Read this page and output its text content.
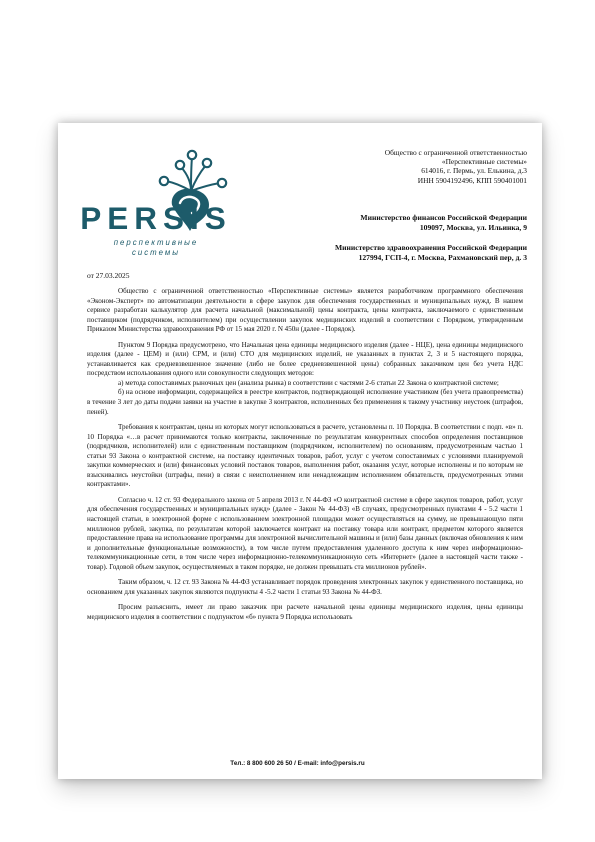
PERSIS
перспективные
системы
Общество с ограниченной ответственностью
«Перспективные системы»
614016, г. Пермь, ул. Елькина, д.3
ИНН 5904192496, КПП 590401001
Министерство финансов Российской Федерации
109097, Москва, ул. Ильинка, 9
Министерство здравоохранения Российской Федерации
127994, ГСП-4, г. Москва, Рахмановский пер, д. 3
от 27.03.2025

Общество с ограниченной ответственностью «Перспективные системы» является разработчиком программного обеспечения «Эконом-Эксперт» по автоматизации деятельности в сфере закупок для обеспечения государственных и муниципальных нужд. В нашем сервисе разработан калькулятор для расчета начальной (максимальной) цены контракта, цены контракта, заключаемого с единственным поставщиком (подрядчиком, исполнителем) при осуществлении закупок медицинских изделий в соответствии с Порядком, утвержденным Приказом Министерства здравоохранения РФ от 15 мая 2020 г. N 450н (далее - Порядок).

Пунктом 9 Порядка предусмотрено, что Начальная цена единицы медицинского изделия (далее - НЦЕ), цена единицы медицинского изделия (далее - ЦЕМ) и (или) СРМ, и (или) СТО для медицинских изделий, не указанных в пунктах 2, 3 и 5 настоящего порядка, устанавливается как средневзвешенное значение (либо не более средневзвешенной цены) собранных заказчиком цен без учета НДС посредством использования одного или совокупности следующих методов:

а) метода сопоставимых рыночных цен (анализа рынка) в соответствии с частями 2-6 статьи 22 Закона о контрактной системе;

б) на основе информации, содержащейся в реестре контрактов, подтверждающей исполнение участником (без учета правопреемства) в течение 3 лет до даты подачи заявки на участие в закупке 3 контрактов, исполненных без применения к такому участнику неустоек (штрафов, пеней).

Требования к контрактам, цены из которых могут использоваться в расчете, установлены п. 10 Порядка. В соответствии с подп. «в» п. 10 Порядка «…в расчет принимаются только контракты, заключенные по результатам конкурентных способов определения поставщиков (подрядчиков, исполнителей) или с единственным поставщиком (подрядчиком, исполнителем) по основаниям, предусмотренным частью 1 статьи 93 Закона о контрактной системе, на поставку идентичных товаров, работ, услуг с учетом сопоставимых с условиями планируемой закупки коммерческих и (или) финансовых условий поставок товаров, выполнения работ, оказания услуг, которые исполнены и по которым не взыскивались неустойки (штрафы, пени) в связи с неисполнением или ненадлежащим исполнением обязательств, предусмотренных этими контрактами».

Согласно ч. 12 ст. 93 Федерального закона от 5 апреля 2013 г. N 44-ФЗ «О контрактной системе в сфере закупок товаров, работ, услуг для обеспечения государственных и муниципальных нужд» (далее - Закон № 44-ФЗ) «В случаях, предусмотренных пунктами 4 - 5.2 части 1 настоящей статьи, в электронной форме с использованием электронной площадки может осуществляться на сумму, не превышающую пяти миллионов рублей, закупка, по результатам которой заключается контракт на поставку товара или контракт, предметом которого является предоставление права на использование программы для электронной вычислительной машины и (или) базы данных (включая обновления к ним и дополнительные функциональные возможности), в том числе путем предоставления удаленного доступа к ним через информационно-телекоммуникационные сети, в том числе через информационно-телекоммуникационную сеть «Интернет» (далее в настоящей части также - товар). Годовой объем закупок, осуществляемых в таком порядке, не должен превышать ста миллионов рублей».

Таким образом, ч. 12 ст. 93 Закона № 44-ФЗ устанавливает порядок проведения электронных закупок у единственного поставщика, но основанием для указанных закупок являются подпункты 4 -5.2 части 1 статьи 93 Закона № 44-ФЗ.

Просим разъяснить, имеет ли право заказчик при расчете начальной цены единицы медицинского изделия, цены единицы медицинского изделия в соответствии с подпунктом «б» пункта 9 Порядка использовать

Тел.: 8 800 600 26 50 / E-mail: info@persis.ru
